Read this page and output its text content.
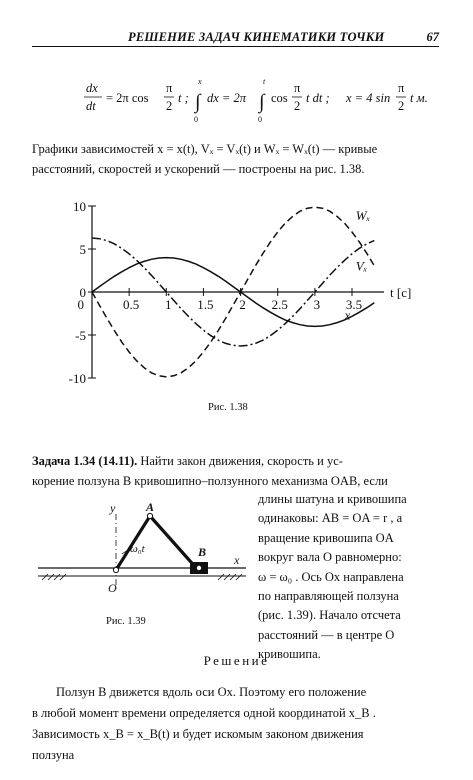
РЕШЕНИЕ ЗАДАЧ КИНЕМАТИКИ ТОЧКИ	67
dx
dt
= 2π cos
π
2
t ;
x
∫
0
dx = 2π
t
∫
0
cos
π
2
t dt ; x = 4 sin
π
2
t м.
Графики зависимостей x = x(t), Vₓ = Vₓ(t) и Wₓ = Wₓ(t) — кривые
расстояний, скоростей и ускорений — построены на рис. 1.38.
10
5
0
-5
-10
0	0.5 1 1.5 2 2.5 3 3.5
t [c]
x
Vₓ
Wₓ
Рис. 1.38
Задача 1.34 (14.11). Найти закон движения, скорость и ус-
корение ползуна B кривошипно–ползунного механизма OAB, если
длины шатуна и кривошипа
одинаковы: AB = OA = r , а
вращение кривошипа OA
вокруг вала O равномерно:
ω = ω₀ . Ось Ox направлена
по направляющей ползуна
(рис. 1.39). Начало отсчета
расстояний — в центре O
кривошипа.
y	A
B
O
x
ω₀t
Рис. 1.39
Решение
Ползун B движется вдоль оси Ox. Поэтому его положение
в любой момент времени определяется одной координатой x_B .
Зависимость x_B = x_B(t) и будет искомым законом движения
ползуна
